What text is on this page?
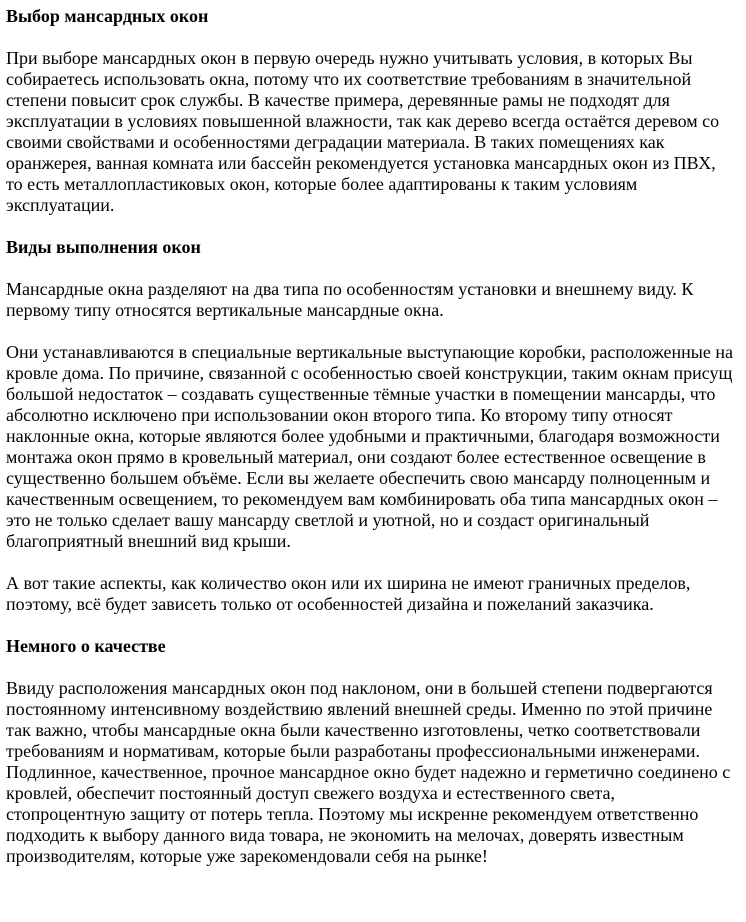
Выбор мансардных окон

При выборе мансардных окон в первую очередь нужно учитывать условия, в которых Вы собираетесь использовать окна, потому что их соответствие требованиям в значительной степени повысит срок службы. В качестве примера, деревянные рамы не подходят для эксплуатации в условиях повышенной влажности, так как дерево всегда остаётся деревом со своими свойствами и особенностями деградации материала. В таких помещениях как оранжерея, ванная комната или бассейн рекомендуется установка мансардных окон из ПВХ, то есть металлопластиковых окон, которые более адаптированы к таким условиям эксплуатации.

Виды выполнения окон

Мансардные окна разделяют на два типа по особенностям установки и внешнему виду. К первому типу относятся вертикальные мансардные окна.

Они устанавливаются в специальные вертикальные выступающие коробки, расположенные на кровле дома. По причине, связанной с особенностью своей конструкции, таким окнам присущ большой недостаток – создавать существенные тёмные участки в помещении мансарды, что абсолютно исключено при использовании окон второго типа. Ко второму типу относят наклонные окна, которые являются более удобными и практичными, благодаря возможности монтажа окон прямо в кровельный материал, они создают более естественное освещение в существенно большем объёме. Если вы желаете обеспечить свою мансарду полноценным и качественным освещением, то рекомендуем вам комбинировать оба типа мансардных окон – это не только сделает вашу мансарду светлой и уютной, но и создаст оригинальный благоприятный внешний вид крыши.

А вот такие аспекты, как количество окон или их ширина не имеют граничных пределов, поэтому, всё будет зависеть только от особенностей дизайна и пожеланий заказчика.

Немного о качестве

Ввиду расположения мансардных окон под наклоном, они в большей степени подвергаются постоянному интенсивному воздействию явлений внешней среды. Именно по этой причине так важно, чтобы мансардные окна были качественно изготовлены, четко соответствовали требованиям и нормативам, которые были разработаны профессиональными инженерами. Подлинное, качественное, прочное мансардное окно будет надежно и герметично соединено с кровлей, обеспечит постоянный доступ свежего воздуха и естественного света, стопроцентную защиту от потерь тепла. Поэтому мы искренне рекомендуем ответственно подходить к выбору данного вида товара, не экономить на мелочах, доверять известным производителям, которые уже зарекомендовали себя на рынке!
